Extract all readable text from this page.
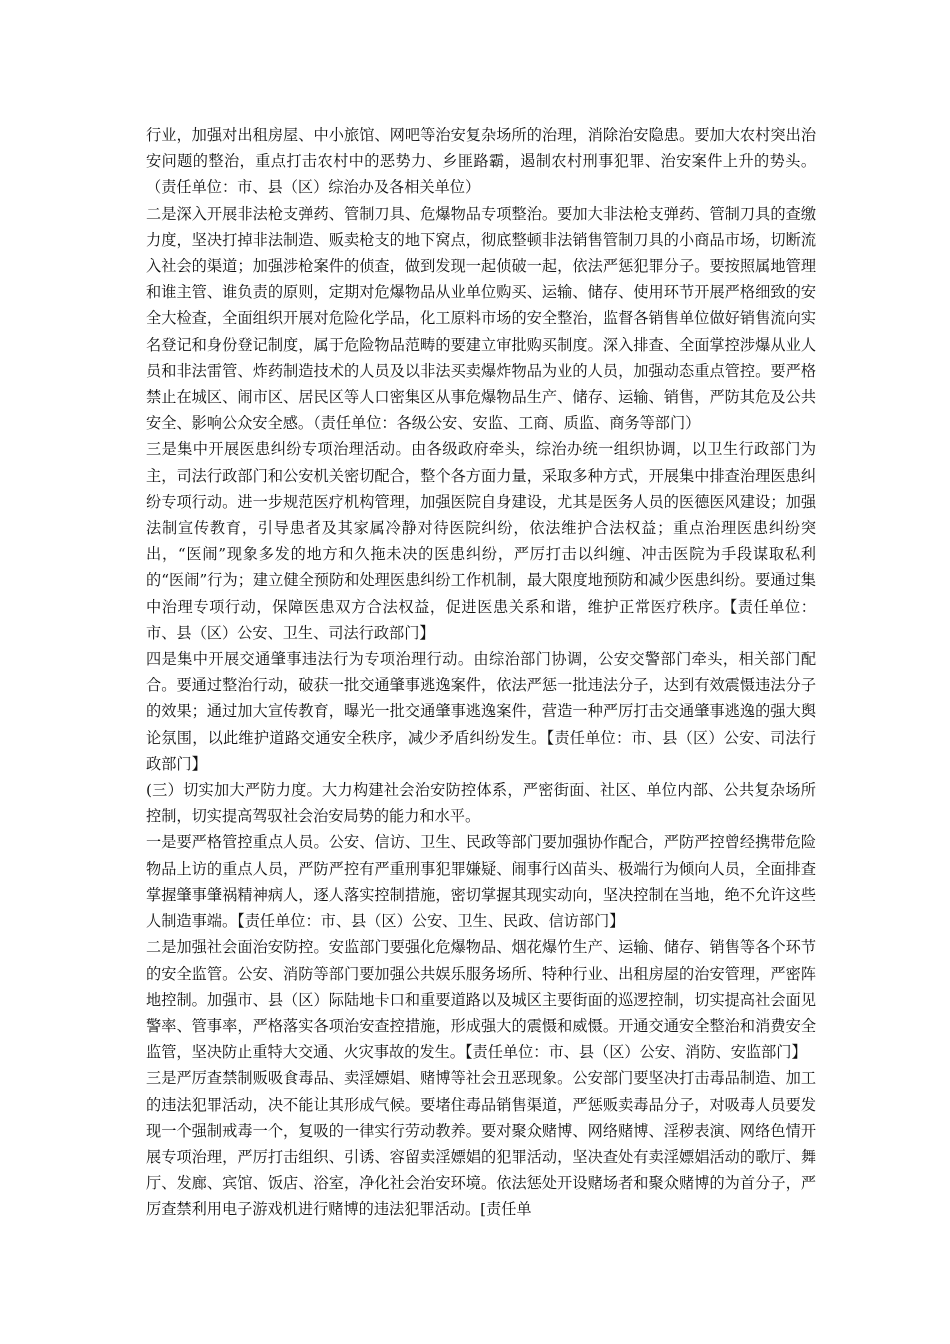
行业，加强对出租房屋、中小旅馆、网吧等治安复杂场所的治理，消除治安隐患。要加大农村突出治安问题的整治，重点打击农村中的恶势力、乡匪路霸，遏制农村刑事犯罪、治安案件上升的势头。（责任单位：市、县（区）综治办及各相关单位）

二是深入开展非法枪支弹药、管制刀具、危爆物品专项整治。要加大非法枪支弹药、管制刀具的查缴力度，坚决打掉非法制造、贩卖枪支的地下窝点，彻底整顿非法销售管制刀具的小商品市场，切断流入社会的渠道；加强涉枪案件的侦查，做到发现一起侦破一起，依法严惩犯罪分子。要按照属地管理和谁主管、谁负责的原则，定期对危爆物品从业单位购买、运输、储存、使用环节开展严格细致的安全大检查，全面组织开展对危险化学品，化工原料市场的安全整治，监督各销售单位做好销售流向实名登记和身份登记制度，属于危险物品范畴的要建立审批购买制度。深入排查、全面掌控涉爆从业人员和非法雷管、炸药制造技术的人员及以非法买卖爆炸物品为业的人员，加强动态重点管控。要严格禁止在城区、闹市区、居民区等人口密集区从事危爆物品生产、储存、运输、销售，严防其危及公共安全、影响公众安全感。（责任单位：各级公安、安监、工商、质监、商务等部门）

三是集中开展医患纠纷专项治理活动。由各级政府牵头，综治办统一组织协调，以卫生行政部门为主，司法行政部门和公安机关密切配合，整个各方面力量，采取多种方式，开展集中排查治理医患纠纷专项行动。进一步规范医疗机构管理，加强医院自身建设，尤其是医务人员的医德医风建设；加强法制宣传教育，引导患者及其家属冷静对待医院纠纷，依法维护合法权益；重点治理医患纠纷突出，“医闹”现象多发的地方和久拖未决的医患纠纷，严厉打击以纠缠、冲击医院为手段谋取私利的“医闹”行为；建立健全预防和处理医患纠纷工作机制，最大限度地预防和减少医患纠纷。要通过集中治理专项行动，保障医患双方合法权益，促进医患关系和谐，维护正常医疗秩序。【责任单位：市、县（区）公安、卫生、司法行政部门】

四是集中开展交通肇事违法行为专项治理行动。由综治部门协调，公安交警部门牵头，相关部门配合。要通过整治行动，破获一批交通肇事逃逸案件，依法严惩一批违法分子，达到有效震慑违法分子的效果；通过加大宣传教育，曝光一批交通肇事逃逸案件，营造一种严厉打击交通肇事逃逸的强大舆论氛围，以此维护道路交通安全秩序，减少矛盾纠纷发生。【责任单位：市、县（区）公安、司法行政部门】

(三）切实加大严防力度。大力构建社会治安防控体系，严密街面、社区、单位内部、公共复杂场所控制，切实提高驾驭社会治安局势的能力和水平。

一是要严格管控重点人员。公安、信访、卫生、民政等部门要加强协作配合，严防严控曾经携带危险物品上访的重点人员，严防严控有严重刑事犯罪嫌疑、闹事行凶苗头、极端行为倾向人员，全面排查掌握肇事肇祸精神病人，逐人落实控制措施，密切掌握其现实动向，坚决控制在当地，绝不允许这些人制造事端。【责任单位：市、县（区）公安、卫生、民政、信访部门】

二是加强社会面治安防控。安监部门要强化危爆物品、烟花爆竹生产、运输、储存、销售等各个环节的安全监管。公安、消防等部门要加强公共娱乐服务场所、特种行业、出租房屋的治安管理，严密阵地控制。加强市、县（区）际陆地卡口和重要道路以及城区主要街面的巡逻控制，切实提高社会面见警率、管事率，严格落实各项治安查控措施，形成强大的震慑和威慑。开通交通安全整治和消费安全监管，坚决防止重特大交通、火灾事故的发生。【责任单位：市、县（区）公安、消防、安监部门】

三是严厉查禁制贩吸食毒品、卖淫嫖娼、赌博等社会丑恶现象。公安部门要坚决打击毒品制造、加工的违法犯罪活动，决不能让其形成气候。要堵住毒品销售渠道，严惩贩卖毒品分子，对吸毒人员要发现一个强制戒毒一个，复吸的一律实行劳动教养。要对聚众赌博、网络赌博、淫秽表演、网络色情开展专项治理，严厉打击组织、引诱、容留卖淫嫖娼的犯罪活动，坚决查处有卖淫嫖娼活动的歌厅、舞厅、发廊、宾馆、饭店、浴室，净化社会治安环境。依法惩处开设赌场者和聚众赌博的为首分子，严厉查禁利用电子游戏机进行赌博的违法犯罪活动。[责任单
